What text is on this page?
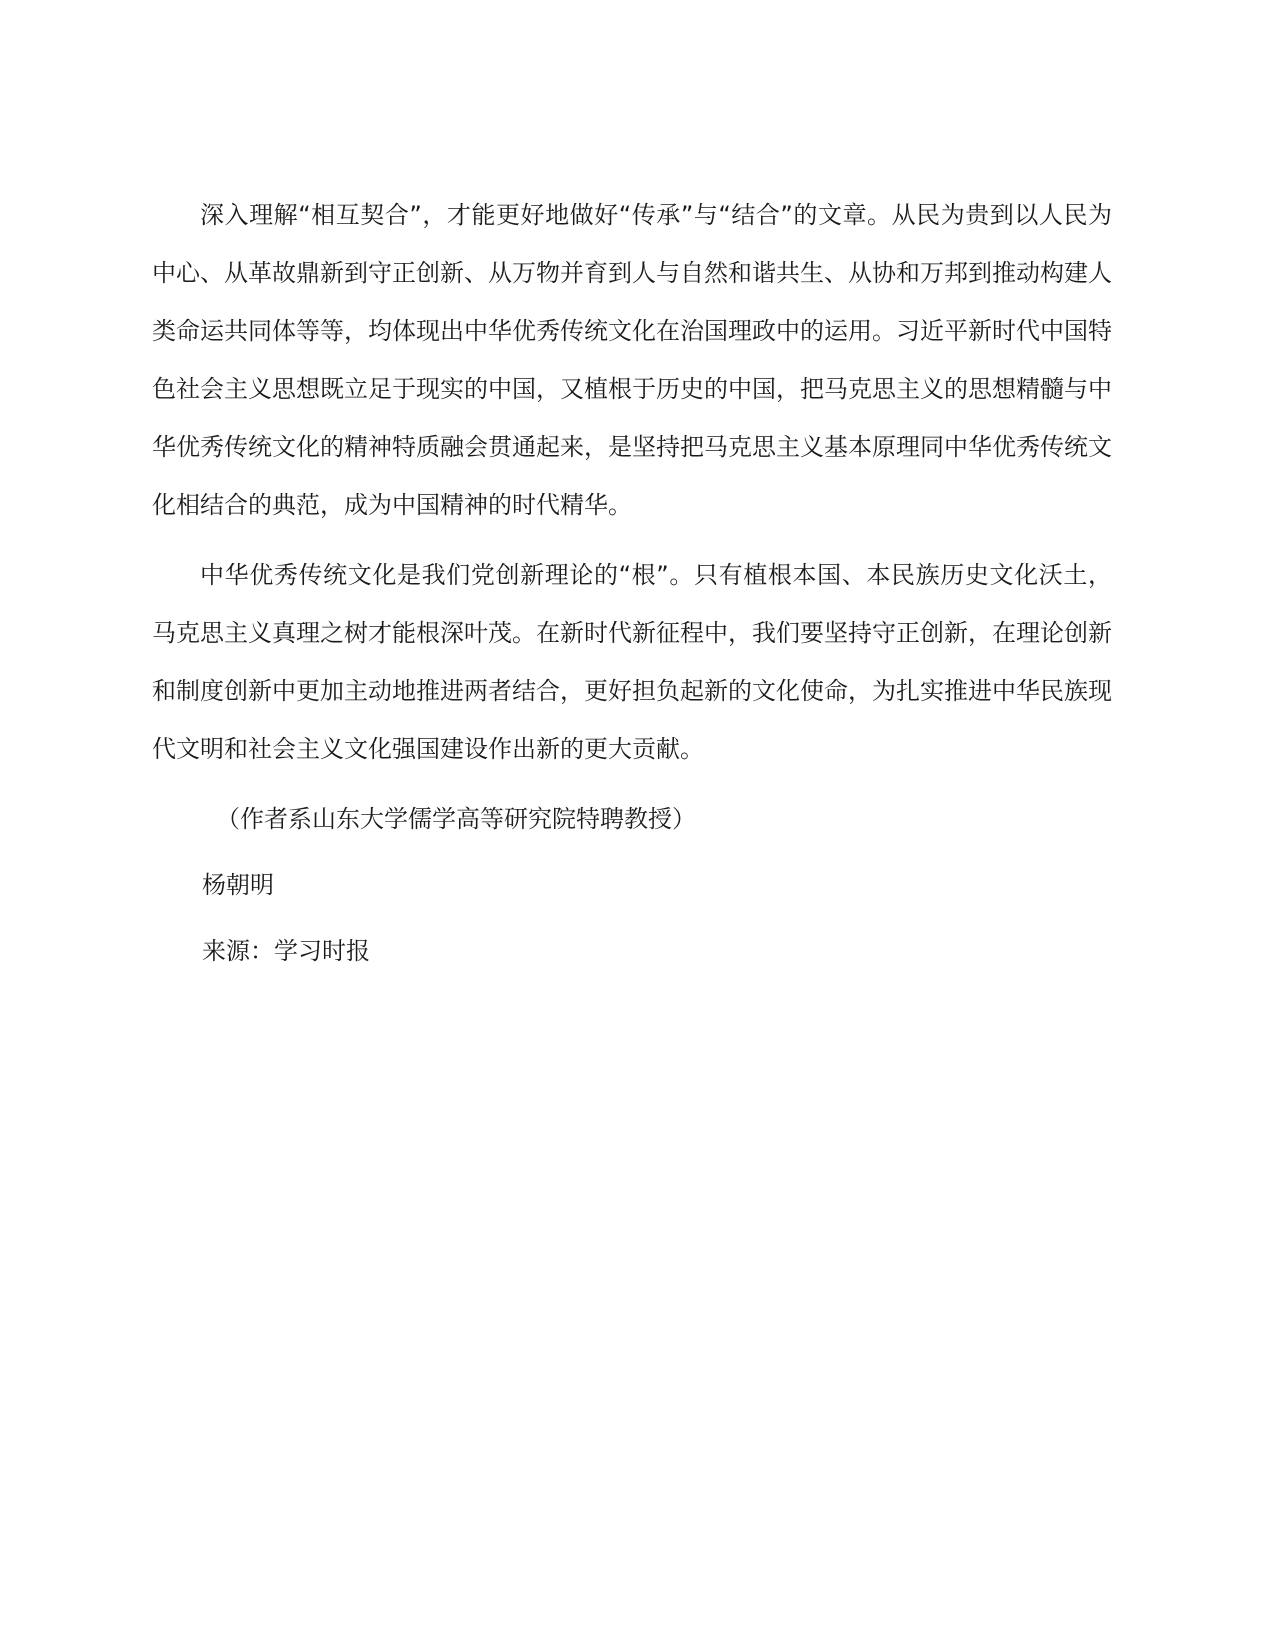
深入理解“相互契合”，才能更好地做好“传承”与“结合”的文章。从民为贵到以人民为中心、从革故鼎新到守正创新、从万物并育到人与自然和谐共生、从协和万邦到推动构建人类命运共同体等等，均体现出中华优秀传统文化在治国理政中的运用。习近平新时代中国特色社会主义思想既立足于现实的中国，又植根于历史的中国，把马克思主义的思想精髓与中华优秀传统文化的精神特质融会贯通起来，是坚持把马克思主义基本原理同中华优秀传统文化相结合的典范，成为中国精神的时代精华。

中华优秀传统文化是我们党创新理论的“根”。只有植根本国、本民族历史文化沃土，马克思主义真理之树才能根深叶茂。在新时代新征程中，我们要坚持守正创新，在理论创新和制度创新中更加主动地推进两者结合，更好担负起新的文化使命，为扎实推进中华民族现代文明和社会主义文化强国建设作出新的更大贡献。

（作者系山东大学儒学高等研究院特聘教授）

杨朝明

来源：学习时报
